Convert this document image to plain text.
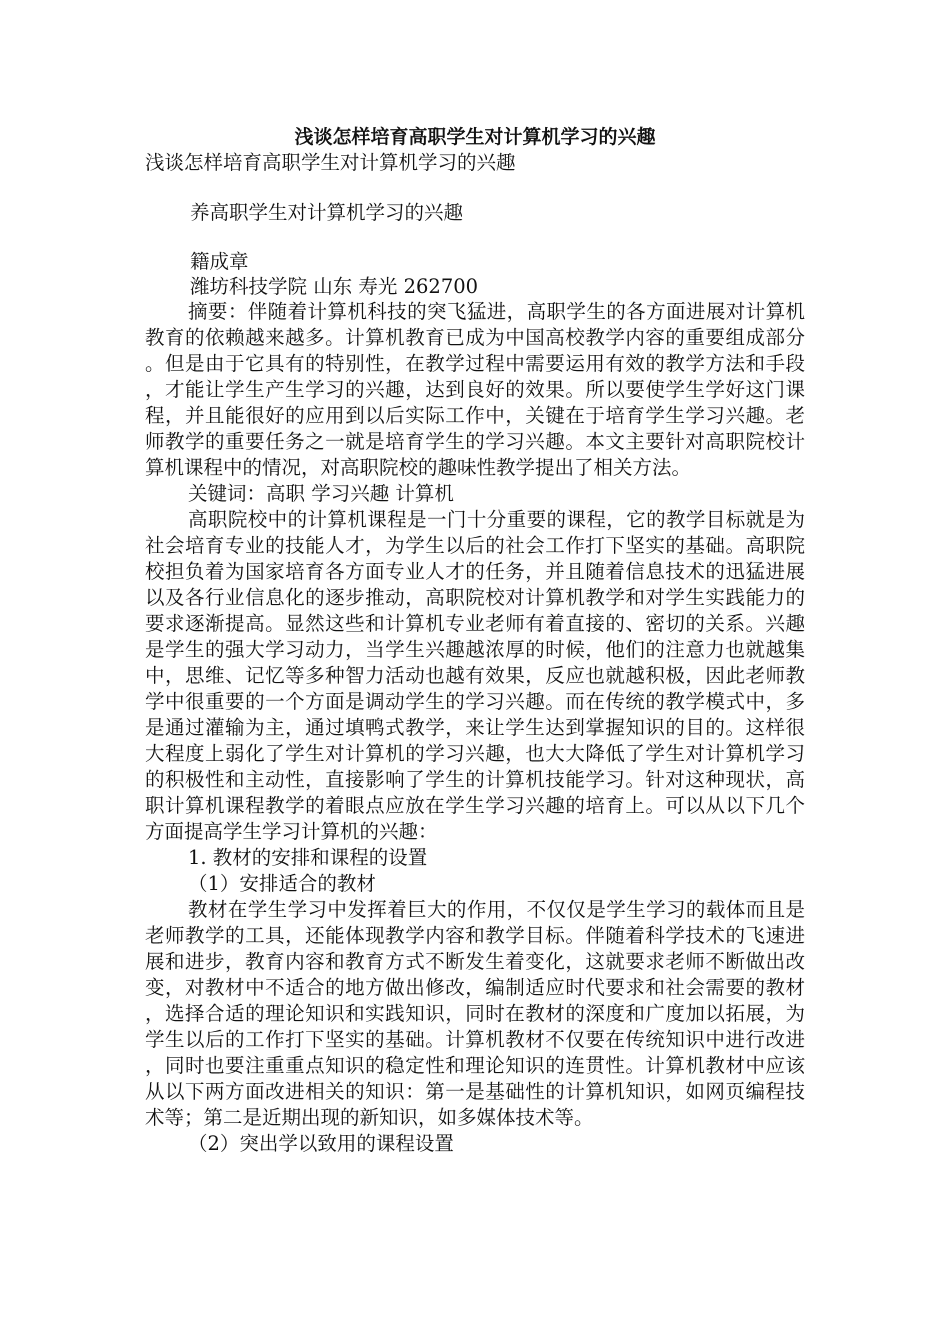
浅谈怎样培育高职学生对计算机学习的兴趣
浅谈怎样培育高职学生对计算机学习的兴趣
养高职学生对计算机学习的兴趣
籍成章
潍坊科技学院 山东 寿光 262700

摘要：伴随着计算机科技的突飞猛进，高职学生的各方面进展对计算机教育的依赖越来越多。计算机教育已成为中国高校教学内容的重要组成部分。但是由于它具有的特别性，在教学过程中需要运用有效的教学方法和手段，才能让学生产生学习的兴趣，达到良好的效果。所以要使学生学好这门课程，并且能很好的应用到以后实际工作中，关键在于培育学生学习兴趣。老师教学的重要任务之一就是培育学生的学习兴趣。本文主要针对高职院校计算机课程中的情况，对高职院校的趣味性教学提出了相关方法。

关键词：高职 学习兴趣 计算机

高职院校中的计算机课程是一门十分重要的课程，它的教学目标就是为社会培育专业的技能人才，为学生以后的社会工作打下坚实的基础。高职院校担负着为国家培育各方面专业人才的任务，并且随着信息技术的迅猛进展以及各行业信息化的逐步推动，高职院校对计算机教学和对学生实践能力的要求逐渐提高。显然这些和计算机专业老师有着直接的、密切的关系。兴趣是学生的强大学习动力，当学生兴趣越浓厚的时候，他们的注意力也就越集中，思维、记忆等多种智力活动也越有效果，反应也就越积极，因此老师教学中很重要的一个方面是调动学生的学习兴趣。而在传统的教学模式中，多是通过灌输为主，通过填鸭式教学，来让学生达到掌握知识的目的。这样很大程度上弱化了学生对计算机的学习兴趣，也大大降低了学生对计算机学习的积极性和主动性，直接影响了学生的计算机技能学习。针对这种现状，高职计算机课程教学的着眼点应放在学生学习兴趣的培育上。可以从以下几个方面提高学生学习计算机的兴趣：

1. 教材的安排和课程的设置

（1）安排适合的教材

教材在学生学习中发挥着巨大的作用，不仅仅是学生学习的载体而且是老师教学的工具，还能体现教学内容和教学目标。伴随着科学技术的飞速进展和进步，教育内容和教育方式不断发生着变化，这就要求老师不断做出改变，对教材中不适合的地方做出修改，编制适应时代要求和社会需要的教材，选择合适的理论知识和实践知识，同时在教材的深度和广度加以拓展，为学生以后的工作打下坚实的基础。计算机教材不仅要在传统知识中进行改进，同时也要注重重点知识的稳定性和理论知识的连贯性。计算机教材中应该从以下两方面改进相关的知识：第一是基础性的计算机知识，如网页编程技术等；第二是近期出现的新知识，如多媒体技术等。

（2）突出学以致用的课程设置
